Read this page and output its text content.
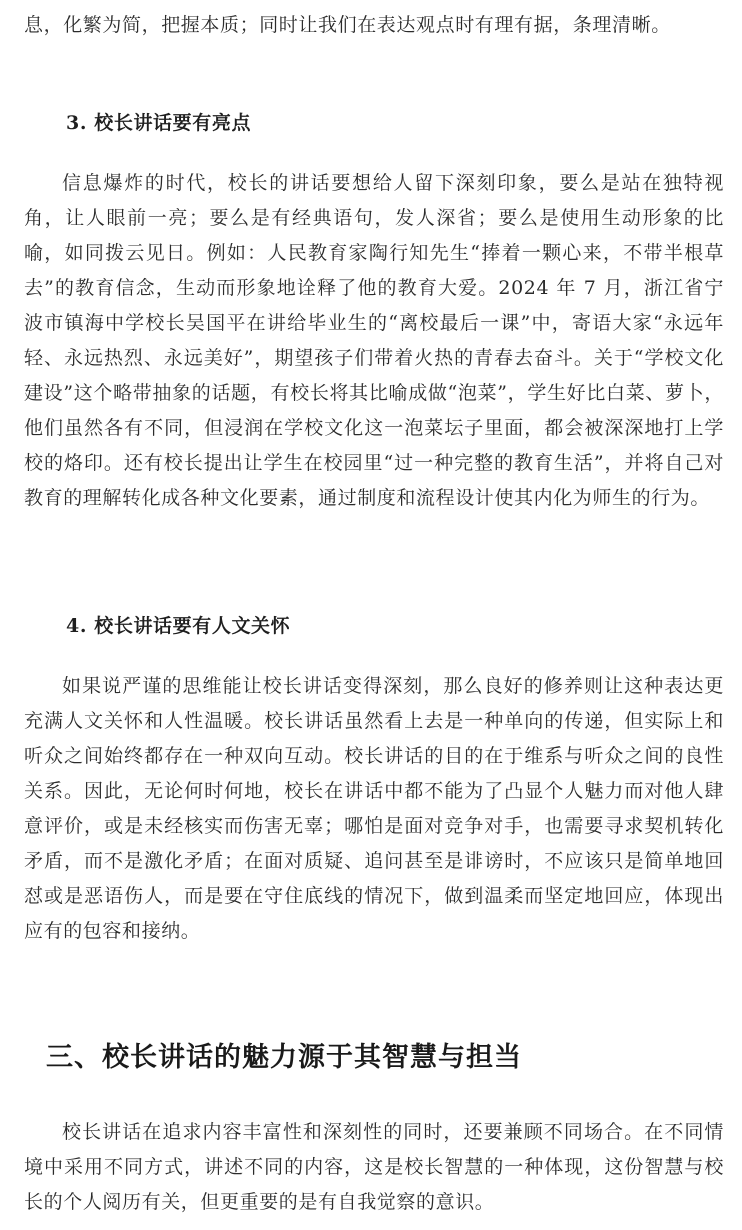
息，化繁为简，把握本质；同时让我们在表达观点时有理有据，条理清晰。

3. 校长讲话要有亮点

信息爆炸的时代，校长的讲话要想给人留下深刻印象，要么是站在独特视角，让人眼前一亮；要么是有经典语句，发人深省；要么是使用生动形象的比喻，如同拨云见日。例如：人民教育家陶行知先生“捧着一颗心来，不带半根草去”的教育信念，生动而形象地诠释了他的教育大爱。2024 年 7 月，浙江省宁波市镇海中学校长吴国平在讲给毕业生的“离校最后一课”中，寄语大家“永远年轻、永远热烈、永远美好”，期望孩子们带着火热的青春去奋斗。关于“学校文化建设”这个略带抽象的话题，有校长将其比喻成做“泡菜”，学生好比白菜、萝卜，他们虽然各有不同，但浸润在学校文化这一泡菜坛子里面，都会被深深地打上学校的烙印。还有校长提出让学生在校园里“过一种完整的教育生活”，并将自己对教育的理解转化成各种文化要素，通过制度和流程设计使其内化为师生的行为。

4. 校长讲话要有人文关怀

如果说严谨的思维能让校长讲话变得深刻，那么良好的修养则让这种表达更充满人文关怀和人性温暖。校长讲话虽然看上去是一种单向的传递，但实际上和听众之间始终都存在一种双向互动。校长讲话的目的在于维系与听众之间的良性关系。因此，无论何时何地，校长在讲话中都不能为了凸显个人魅力而对他人肆意评价，或是未经核实而伤害无辜；哪怕是面对竞争对手，也需要寻求契机转化矛盾，而不是激化矛盾；在面对质疑、追问甚至是诽谤时，不应该只是简单地回怼或是恶语伤人，而是要在守住底线的情况下，做到温柔而坚定地回应，体现出应有的包容和接纳。

三、校长讲话的魅力源于其智慧与担当

校长讲话在追求内容丰富性和深刻性的同时，还要兼顾不同场合。在不同情境中采用不同方式，讲述不同的内容，这是校长智慧的一种体现，这份智慧与校长的个人阅历有关，但更重要的是有自我觉察的意识。
